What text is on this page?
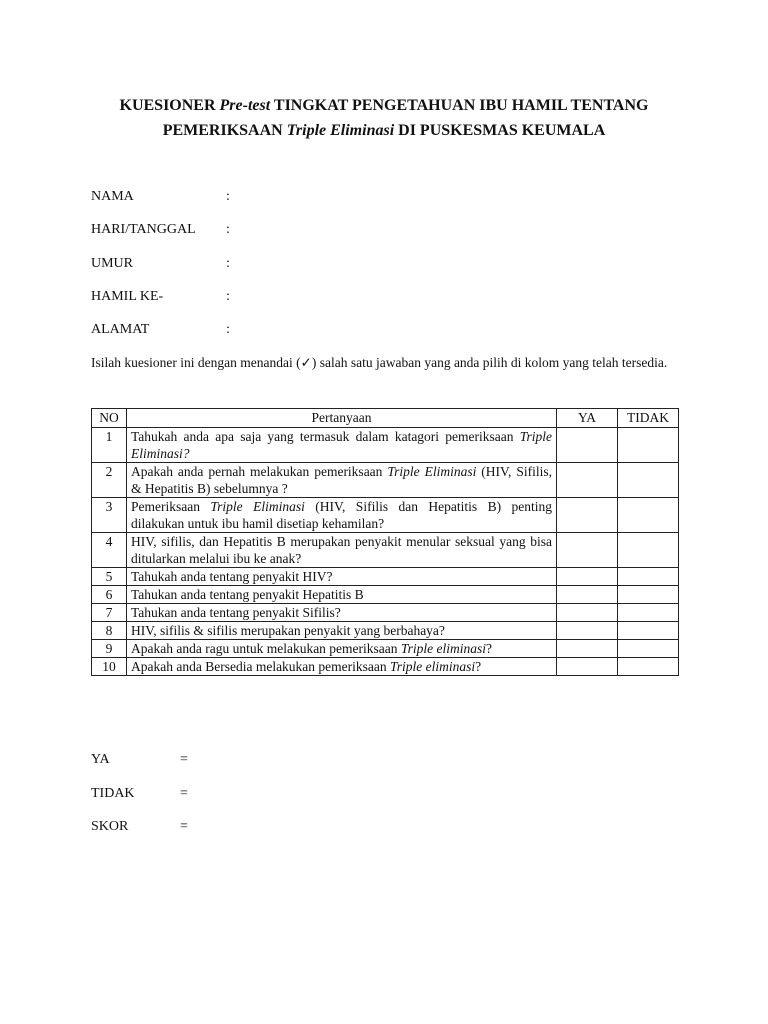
KUESIONER Pre-test TINGKAT PENGETAHUAN IBU HAMIL TENTANG
PEMERIKSAAN Triple Eliminasi DI PUSKESMAS KEUMALA
NAMA	:
HARI/TANGGAL :
UMUR	:
HAMIL KE-	:
ALAMAT	:
Isilah kuesioner ini dengan menandai (✓) salah satu jawaban yang anda pilih di kolom yang telah tersedia.
NO	Pertanyaan	YA	TIDAK
1	Tahukah anda apa saja yang termasuk dalam katagori pemeriksaan Triple Eliminasi?		
2	Apakah anda pernah melakukan pemeriksaan Triple Eliminasi (HIV, Sifilis, & Hepatitis B) sebelumnya ?		
3	Pemeriksaan Triple Eliminasi (HIV, Sifilis dan Hepatitis B) penting dilakukan untuk ibu hamil disetiap kehamilan?		
4	HIV, sifilis, dan Hepatitis B merupakan penyakit menular seksual yang bisa ditularkan melalui ibu ke anak?		
5	Tahukah anda tentang penyakit HIV?		
6	Tahukan anda tentang penyakit Hepatitis B		
7	Tahukan anda tentang penyakit Sifilis?		
8	HIV, sifilis & sifilis merupakan penyakit yang berbahaya?		
9	Apakah anda ragu untuk melakukan pemeriksaan Triple eliminasi?		
10	Apakah anda Bersedia melakukan pemeriksaan Triple eliminasi?		
YA	=
TIDAK	=
SKOR	=
